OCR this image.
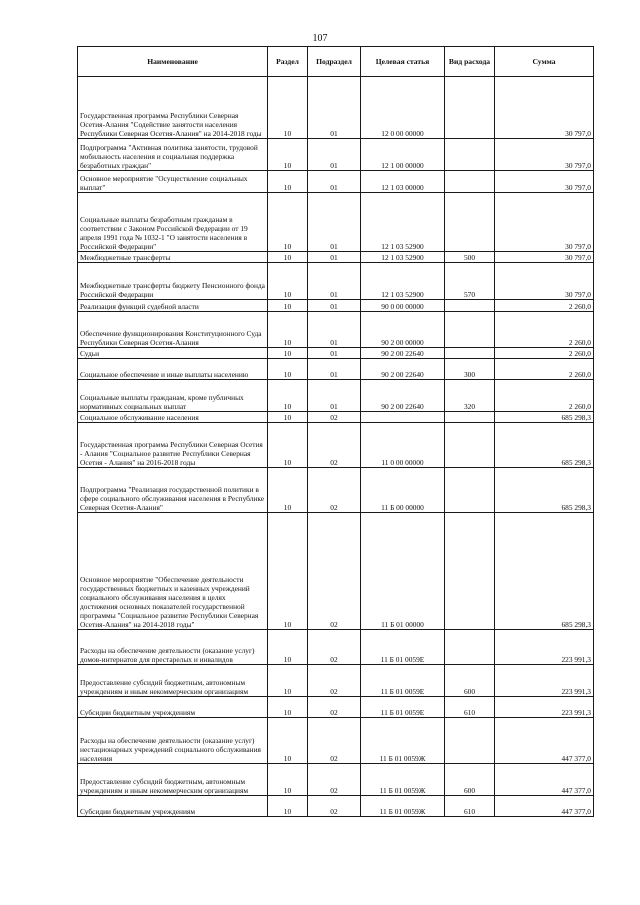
107
Наименование	Раздел	Подраздел	Целевая статья	Вид расхода	Сумма
Государственная программа Республики Северная Осетия-Алания "Содействие занятости населения Республики Северная Осетия-Алания" на 2014-2018 годы	10	01	12 0 00 00000		30 797,0
Подпрограмма "Активная политика занятости, трудовой мобильность населения и социальная поддержка безработных граждан"	10	01	12 1 00 00000		30 797,0
Основное мероприятие "Осуществление социальных выплат"	10	01	12 1 03 00000		30 797,0
Социальные выплаты безработным гражданам в соответствии с Законом Российской Федерации от 19 апреля 1991 года № 1032-1 "О занятости населения в Российской Федерации"	10	01	12 1 03 52900		30 797,0
Межбюджетные трансферты	10	01	12 1 03 52900	500	30 797,0
Межбюджетные трансферты бюджету Пенсионного фонда Российской Федерации	10	01	12 1 03 52900	570	30 797,0
Реализация функций судебной власти	10	01	90 0 00 00000		2 260,0
Обеспечение функционирования Конституционного Суда Республики Северная Осетия-Алания	10	01	90 2 00 00000		2 260,0
Судьи	10	01	90 2 00 22640		2 260,0
Социальное обеспечение и иные выплаты населению	10	01	90 2 00 22640	300	2 260,0
Социальные выплаты гражданам, кроме публичных нормативных социальных выплат	10	01	90 2 00 22640	320	2 260,0
Социальное обслуживание населения	10	02			685 298,3
Государственная программа Республики Северная Осетия - Алания "Социальное развитие Республики Северная Осетия - Алания" на 2016-2018 годы	10	02	11 0 00 00000		685 298,3
Подпрограмма "Реализация государственной политики в сфере социального обслуживания населения в Республике Северная Осетия-Алания"	10	02	11 Б 00 00000		685 298,3
Основное мероприятие "Обеспечение деятельности государственных бюджетных и казенных учреждений социального обслуживания населения в целях достижения основных показателей государственной программы "Социальное развитие Республики Северная Осетия-Алания" на 2014-2018 годы"	10	02	11 Б 01 00000		685 298,3
Расходы на обеспечение деятельности (оказание услуг) домов-интернатов для престарелых и инвалидов	10	02	11 Б 01 0059Е		223 991,3
Предоставление субсидий бюджетным, автономным учреждениям и иным некоммерческим организациям	10	02	11 Б 01 0059Е	600	223 991,3
Субсидии бюджетным учреждениям	10	02	11 Б 01 0059Е	610	223 991,3
Расходы на обеспечение деятельности (оказание услуг) нестационарных учреждений социального обслуживания населения	10	02	11 Б 01 0059Ж		447 377,0
Предоставление субсидий бюджетным, автономным учреждениям и иным некоммерческим организациям	10	02	11 Б 01 0059Ж	600	447 377,0
Субсидии бюджетным учреждениям	10	02	11 Б 01 0059Ж	610	447 377,0
